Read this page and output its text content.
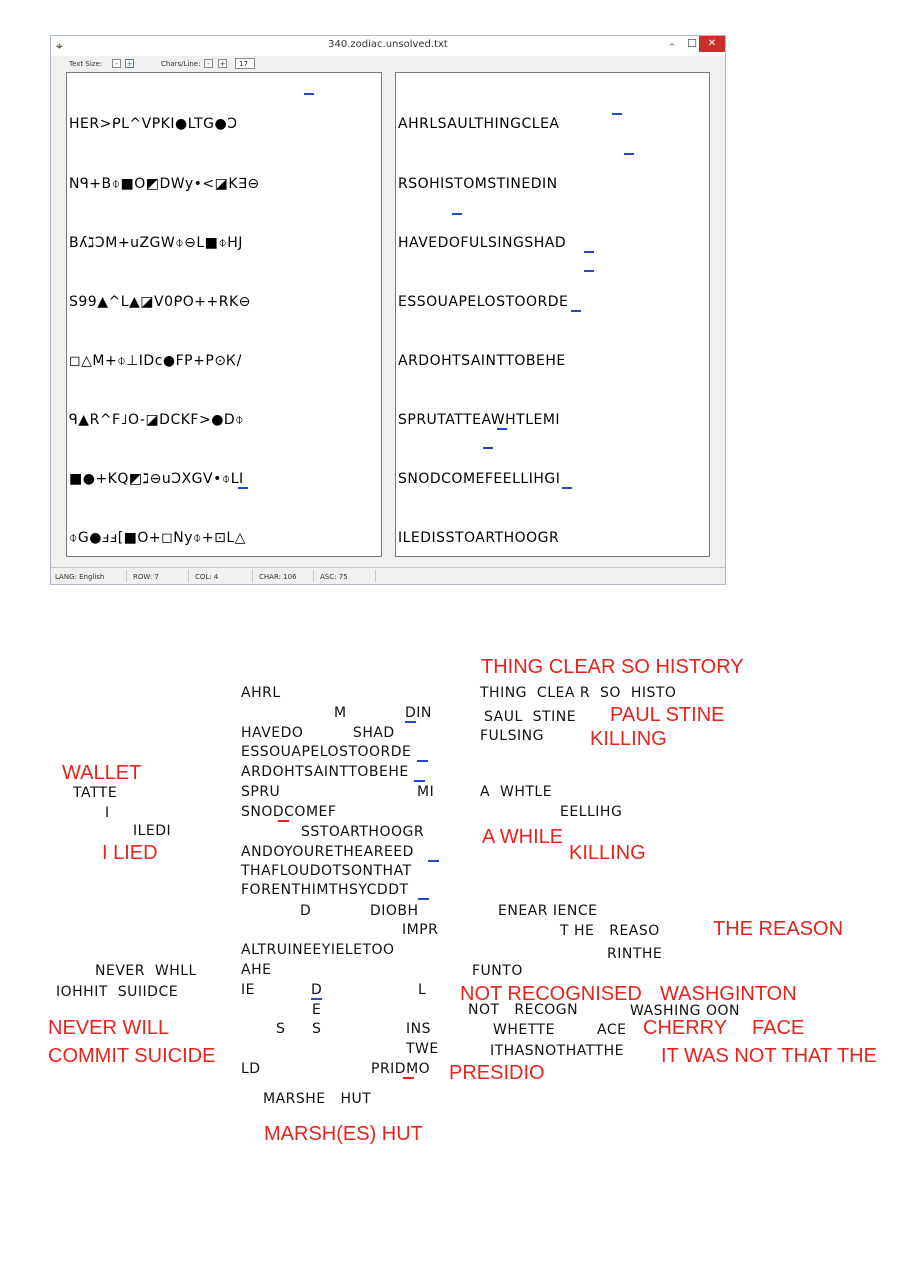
⌖	340.zodiac.unsolved.txt	–	☐	✕
Text Size:	-	+	Chars/Line: -	+	17

HER>ᑭL^VPKI●LTG●Ↄ

Nᑫ+B⌽■O◩DWy•<◪K∃⊖

BʎℷↃM+uZGW⌽⊖L■⌽HJ

S99▲^L▲◪V0ᑭO++RK⊖

◻△M+⌽⊥IDⅽ●FP+P⊙Ꮶ/

ᑫ▲R^F˩O-◪DCKF>●D⌽

■●+KQ◩ℷ⊖uↃXGV•⌽LI

⌽G●ⅎⅎ[■O+◻Ny⌽+⊡L△

AHRLSAULTHINGCLEA

RSOHISTOMSTINEDIN

HAVEDOFULSINGSHAD

ESSOUAPELOSTOORDE

ARDOHTSAINTTOBEHE

SPRUTATTEAWHTLEMI

SNODCOMEFEELLIHGI

ILEDISSTOARTHOOGR

LANG: English	ROW: 7	COL: 4	CHAR: 106	ASC: 75
AHRL
M	DIN
HAVEDO          SHAD
ESSOUAPELOSTOORDE
ARDOHTSAINTTOBEHE
SPRU	MI
SNODCOMEF
SSTOARTHOOGR
ANDOYOURETHEAREED
THAFLOUDOTSONTHAT
FORENTHIMTHSYCDDT
D	DIOBH
IMPR
ALTRUINEEYIELETOO
AHE
IE	D	L
E
S S	INS
TWE
LD	PRIDMO
MARSHE   HUT
TATTE
I
ILEDI
NEVER  WHLL
IOHHIT  SUIIDCE
THING  CLEA R  SO  HISTO
SAUL  STINE
FULSING
A  WHTLE
EELLIHG
ENEAR IENCE
T HE   REASO
RINTHE
FUNTO
NOT   RECOGN	WASHING OON
WHETTE	ACE
ITHASNOTHATTHE
THING CLEAR SO HISTORY
PAUL STINE
KILLING
WALLET
A WHILE
I LIED	KILLING
THE REASON
NOT RECOGNISED WASHGINTON
NEVER WILL	CHERRY FACE
COMMIT SUICIDE	IT WAS NOT THAT THE
PRESIDIO
MARSH(ES) HUT
